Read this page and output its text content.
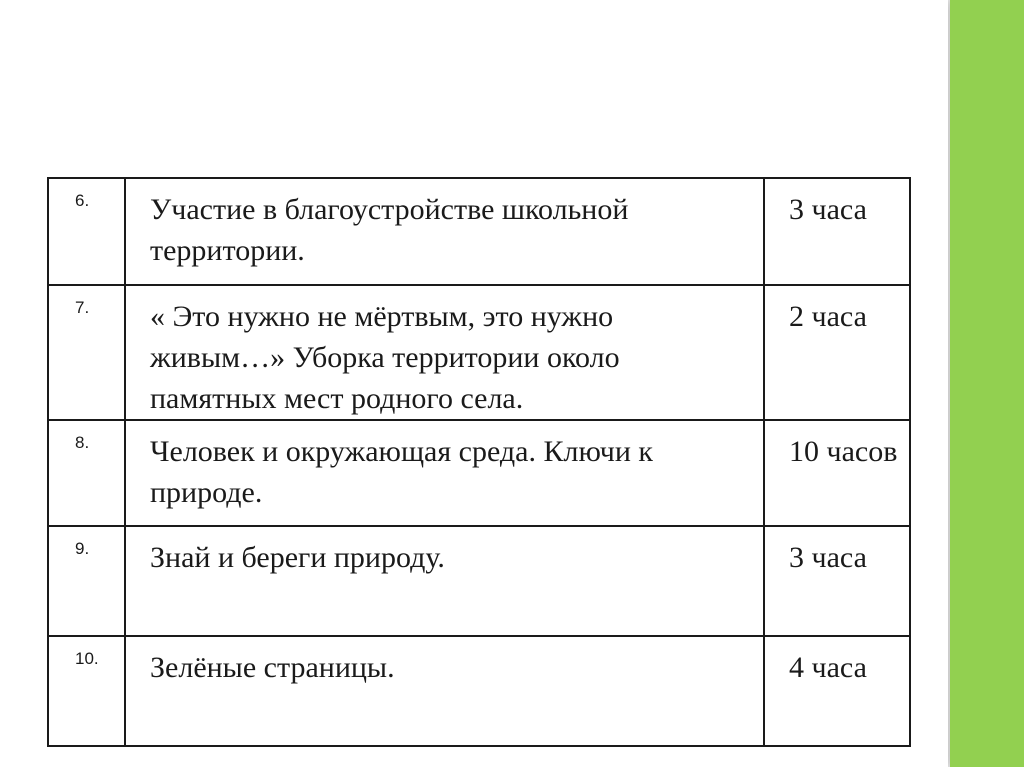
6.	Участие в благоустройстве школьной территории.	3 часа
7.	« Это нужно не мёртвым, это нужно живым…» Уборка территории около памятных мест родного села.	2 часа
8.	Человек и окружающая среда. Ключи к природе.	10 часов
9.	Знай и береги природу.	3 часа
10.	Зелёные страницы.	4 часа
